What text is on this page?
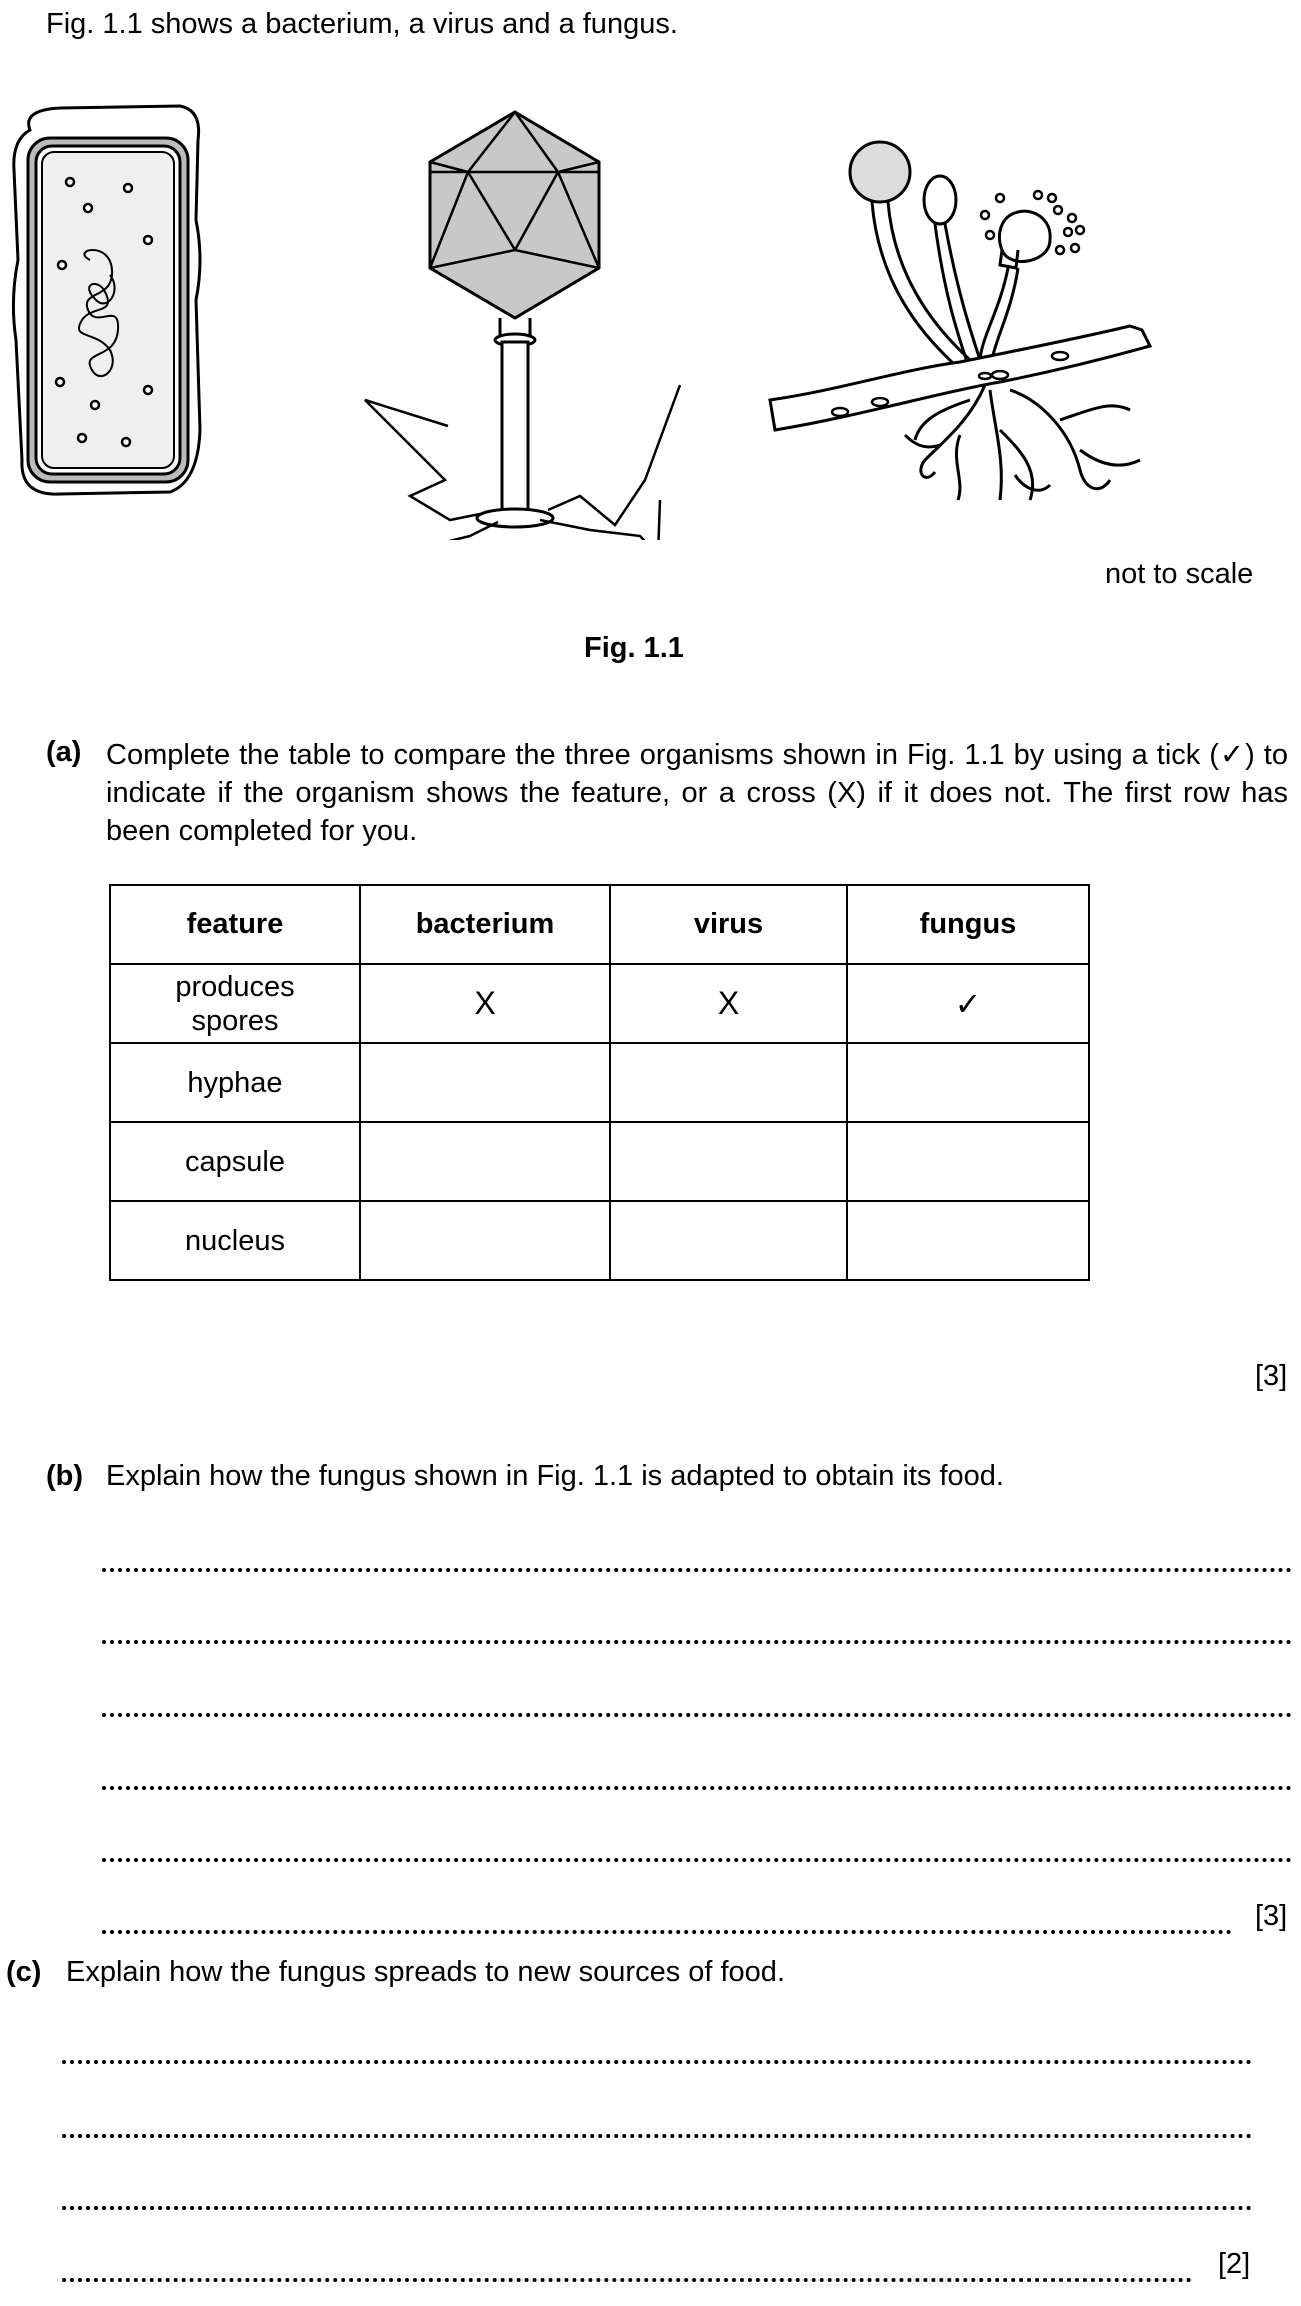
Fig. 1.1 shows a bacterium, a virus and a fungus.
not to scale
Fig. 1.1
(a) Complete the table to compare the three organisms shown in Fig. 1.1 by using a tick (✓) to indicate if the organism shows the feature, or a cross (X) if it does not. The first row has been completed for you.
feature	bacterium	virus	fungus
produces spores	X	X	✓
hyphae			
capsule			
nucleus			
[3]
(b) Explain how the fungus shown in Fig. 1.1 is adapted to obtain its food.
[3]
(c) Explain how the fungus spreads to new sources of food.
[2]
